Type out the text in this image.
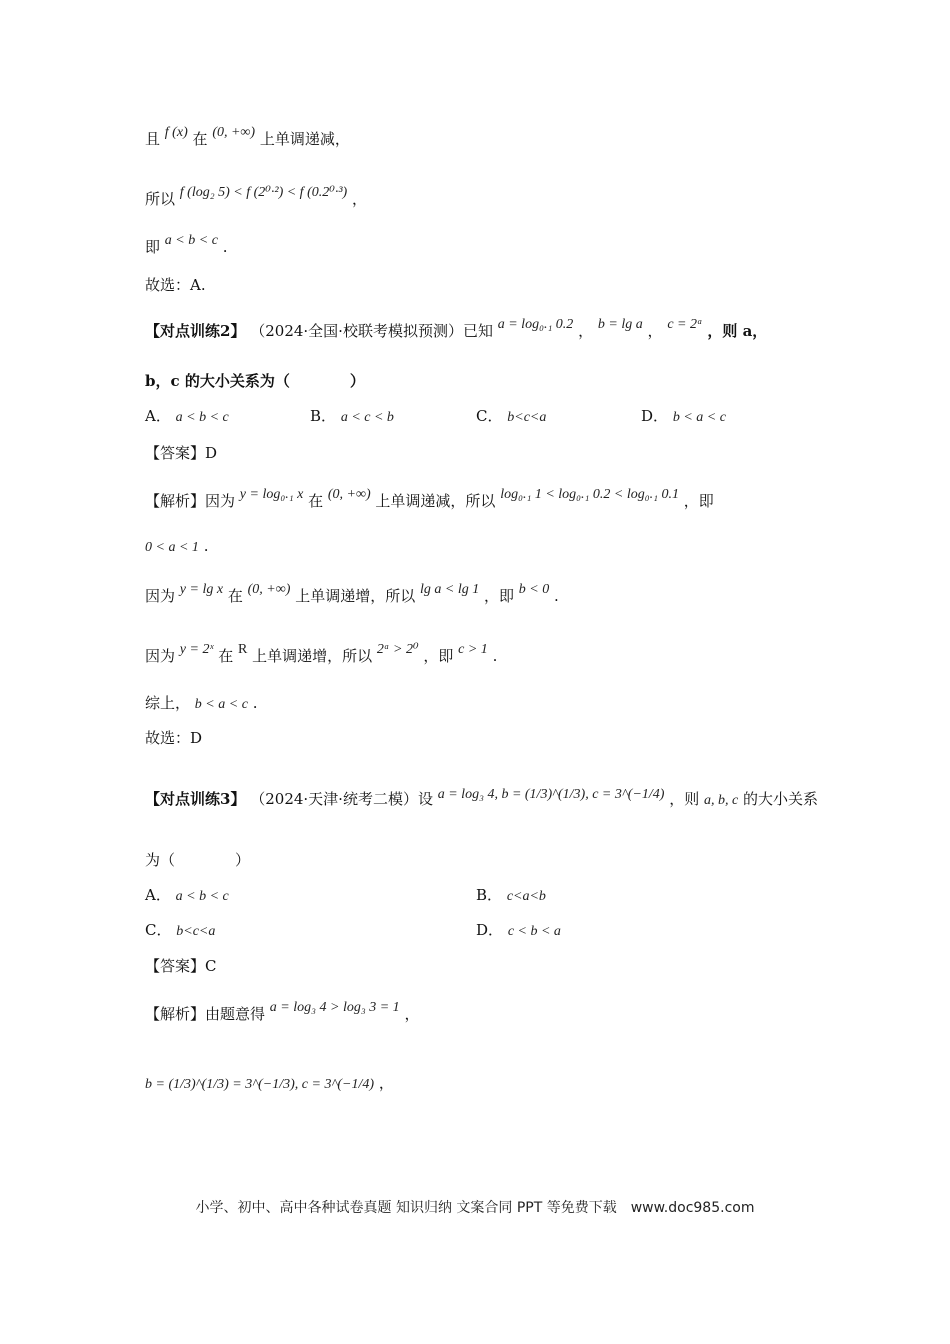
且 f (x) 在 (0, +∞) 上单调递减，
所以 f (log₂ 5) < f (2⁰·²) < f (0.2⁰·³) ，
即 a < b < c .
故选：A.
【对点训练2】 （2024·全国·校联考模拟预测）已知 a = log₀.₁ 0.2 ， b = lg a ， c = 2ᵃ ，则 a，
b，c 的大小关系为（　　　　）
A． a < b < c	B． a < c < b	C． b<c<a	D． b < a < c
【答案】D
【解析】因为 y = log₀.₁ x 在 (0, +∞) 上单调递减，所以 log₀.₁ 1 < log₀.₁ 0.2 < log₀.₁ 0.1 ，即
0 < a < 1 .
因为 y = lg x 在 (0, +∞) 上单调递增，所以 lg a < lg 1 ，即 b < 0 .
因为 y = 2ˣ 在 R 上单调递增，所以 2ᵃ > 2⁰ ，即 c > 1 .
综上， b < a < c .
故选：D
【对点训练3】 （2024·天津·统考二模）设 a = log₃ 4, b = (1/3)^(1/3), c = 3^(−1/4) ，则 a, b, c 的大小关系
为（　　　　）
A． a < b < c	B． c<a<b
C． b<c<a	D． c < b < a
【答案】C
【解析】由题意得 a = log₃ 4 > log₃ 3 = 1 ，
b = (1/3)^(1/3) = 3^(−1/3), c = 3^(−1/4) ，
小学、初中、高中各种试卷真题 知识归纳 文案合同 PPT 等免费下载　www.doc985.com
